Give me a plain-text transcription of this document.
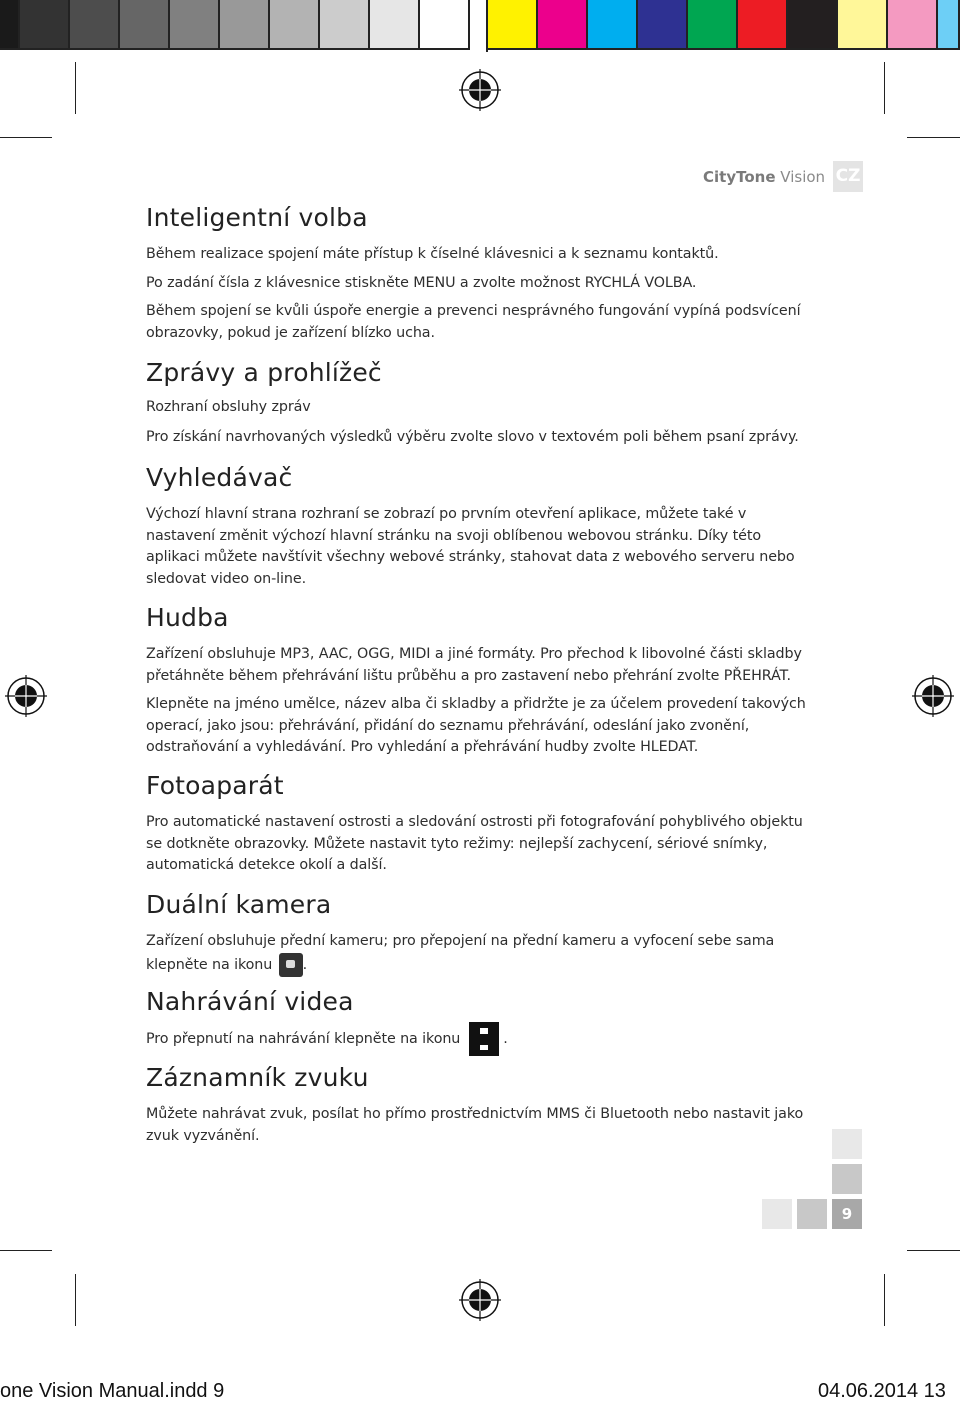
CityTone Vision CZ
Inteligentní volba

Během realizace spojení máte přístup k číselné klávesnici a k seznamu kontaktů.

Po zadání čísla z klávesnice stiskněte MENU a zvolte možnost RYCHLÁ VOLBA.

Během spojení se kvůli úspoře energie a prevenci nesprávného fungování vypíná podsvícení obrazovky, pokud je zařízení blízko ucha.

Zprávy a prohlížeč

Rozhraní obsluhy zpráv

Pro získání navrhovaných výsledků výběru zvolte slovo v textovém poli během psaní zprávy.

Vyhledávač

Výchozí hlavní strana rozhraní se zobrazí po prvním otevření aplikace, můžete také v nastavení změnit výchozí hlavní stránku na svoji oblíbenou webovou stránku. Díky této aplikaci můžete navštívit všechny webové stránky, stahovat data z webového serveru nebo sledovat video on-line.

Hudba

Zařízení obsluhuje MP3, AAC, OGG, MIDI a jiné formáty. Pro přechod k libovolné části skladby přetáhněte během přehrávání lištu průběhu a pro zastavení nebo přehrání zvolte PŘEHRÁT.

Klepněte na jméno umělce, název alba či skladby a přidržte je za účelem provedení takových operací, jako jsou: přehrávání, přidání do seznamu přehrávání, odeslání jako zvonění, odstraňování a vyhledávání. Pro vyhledání a přehrávání hudby zvolte HLEDAT.

Fotoaparát

Pro automatické nastavení ostrosti a sledování ostrosti při fotografování pohyblivého objektu se dotkněte obrazovky. Můžete nastavit tyto režimy: nejlepší zachycení, sériové snímky, automatická detekce okolí a další.

Duální kamera

Zařízení obsluhuje přední kameru; pro přepojení na přední kameru a vyfocení sebe sama klepněte na ikonu .

Nahrávání videa

Pro přepnutí na nahrávání klepněte na ikonu	.

Záznamník zvuku

Můžete nahrávat zvuk, posílat ho přímo prostřednictvím MMS či Bluetooth nebo nastavit jako zvuk vyzvánění.

9
one Vision Manual.indd 9	04.06.2014 13
